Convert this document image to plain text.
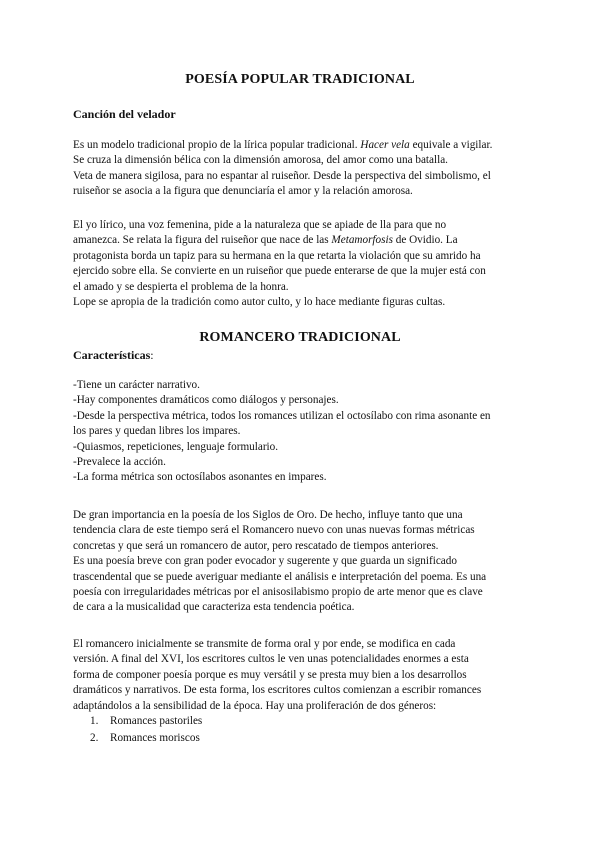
POESÍA POPULAR TRADICIONAL
Canción del velador

Es un modelo tradicional propio de la lírica popular tradicional. Hacer vela equivale a vigilar.

Se cruza la dimensión bélica con la dimensión amorosa, del amor como una batalla.

Veta de manera sigilosa, para no espantar al ruiseñor. Desde la perspectiva del simbolismo, el

ruiseñor se asocia a la figura que denunciaría el amor y la relación amorosa.

El yo lírico, una voz femenina, pide a la naturaleza que se apiade de lla para que no

amanezca. Se relata la figura del ruiseñor que nace de las Metamorfosis de Ovidio. La

protagonista borda un tapiz para su hermana en la que retarta la violación que su amrido ha

ejercido sobre ella. Se convierte en un ruiseñor que puede enterarse de que la mujer está con

el amado y se despierta el problema de la honra.

Lope se apropia de la tradición como autor culto, y lo hace mediante figuras cultas.

ROMANCERO TRADICIONAL
Características:

-Tiene un carácter narrativo.

-Hay componentes dramáticos como diálogos y personajes.

-Desde la perspectiva métrica, todos los romances utilizan el octosílabo con rima asonante en

los pares y quedan libres los impares.

-Quiasmos, repeticiones, lenguaje formulario.

-Prevalece la acción.

-La forma métrica son octosílabos asonantes en impares.

De gran importancia en la poesía de los Siglos de Oro. De hecho, influye tanto que una

tendencia clara de este tiempo será el Romancero nuevo con unas nuevas formas métricas

concretas y que será un romancero de autor, pero rescatado de tiempos anteriores.

Es una poesía breve con gran poder evocador y sugerente y que guarda un significado

trascendental que se puede averiguar mediante el análisis e interpretación del poema. Es una

poesía con irregularidades métricas por el anisosilabismo propio de arte menor que es clave

de cara a la musicalidad que caracteriza esta tendencia poética.

El romancero inicialmente se transmite de forma oral y por ende, se modifica en cada

versión. A final del XVI, los escritores cultos le ven unas potencialidades enormes a esta

forma de componer poesía porque es muy versátil y se presta muy bien a los desarrollos

dramáticos y narrativos. De esta forma, los escritores cultos comienzan a escribir romances

adaptándolos a la sensibilidad de la época. Hay una proliferación de dos géneros:

1. Romances pastoriles
2. Romances moriscos
